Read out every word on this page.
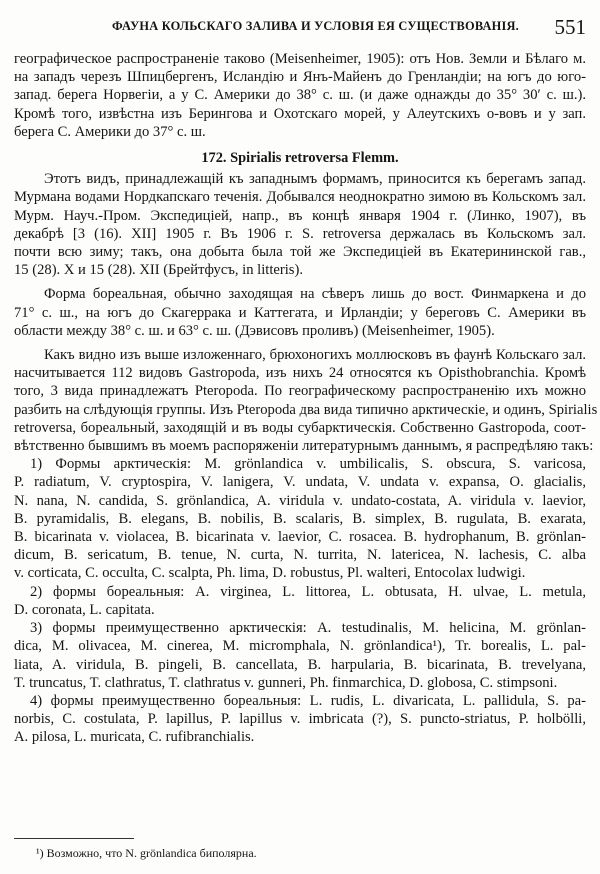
ФАУНА КОЛЬСКАГО ЗАЛИВА И УСЛОВІЯ ЕЯ СУЩЕСТВОВАНІЯ. 551
географическое распространеніе таково (Meisenheimer, 1905): отъ Нов. Земли и Бѣлаго м.
на западъ черезъ Шпицбергенъ, Исландію и Янъ-Майенъ до Гренландіи; на югъ до юго-
запад. берега Норвегіи, а у С. Америки до 38° с. ш. (и даже однажды до 35° 30ʹ с. ш.).
Кромѣ того, извѣстна изъ Берингова и Охотскаго морей, у Алеутскихъ о-вовъ и у зап.
берега С. Америки до 37° с. ш.
172. Spirialis retroversa Flemm.
Этотъ видъ, принадлежащій къ западнымъ формамъ, приносится къ берегамъ запад.
Мурмана водами Нордкапскаго теченія. Добывался неоднократно зимою въ Кольскомъ зал.
Мурм. Науч.-Пром. Экспедиціей, напр., въ концѣ января 1904 г. (Линко, 1907), въ
декабрѣ [3 (16). XII] 1905 г. Въ 1906 г. S. retroversa держалась въ Кольскомъ зал.
почти всю зиму; такъ, она добыта была той же Экспедиціей въ Екатерининской гав.,
15 (28). X и 15 (28). XII (Брейтфусъ, in litteris).
Форма бореальная, обычно заходящая на сѣверъ лишь до вост. Финмаркена и до
71° с. ш., на югъ до Скагеррака и Каттегата, и Ирландіи; у береговъ С. Америки въ
области между 38° с. ш. и 63° с. ш. (Дэвисовъ проливъ) (Meisenheimer, 1905).
Какъ видно изъ выше изложеннаго, брюхоногихъ моллюсковъ въ фаунѣ Кольскаго зал.
насчитывается 112 видовъ Gastropoda, изъ нихъ 24 относятся къ Opisthobranchia. Кромѣ
того, 3 вида принадлежатъ Pteropoda. По географическому распространенію ихъ можно
разбить на слѣдующія группы. Изъ Pteropoda два вида типично арктическіе, и одинъ, Spirialis
retroversa, бореальный, заходящій и въ воды субарктическія. Собственно Gastropoda, соот-
вѣтственно бывшимъ въ моемъ распоряженіи литературнымъ даннымъ, я распредѣляю такъ:
1) Формы арктическія: M. grönlandica v. umbilicalis, S. obscura, S. varicosa,
P. radiatum, V. cryptospira, V. lanigera, V. undata, V. undata v. expansa, O. glacialis,
N. nana, N. candida, S. grönlandica, A. viridula v. undato-costata, A. viridula v. laevior,
B. pyramidalis, B. elegans, B. nobilis, B. scalaris, B. simplex, B. rugulata, B. exarata,
B. bicarinata v. violacea, B. bicarinata v. laevior, C. rosacea. B. hydrophanum, B. grönlan-
dicum, B. sericatum, B. tenue, N. curta, N. turrita, N. latericea, N. lachesis, C. alba
v. corticata, C. occulta, C. scalpta, Ph. lima, D. robustus, Pl. walteri, Entocolax ludwigi.
2) формы бореальныя: A. virginea, L. littorea, L. obtusata, H. ulvae, L. metula,
D. coronata, L. capitata.
3) формы преимущественно арктическія: A. testudinalis, M. helicina, M. grönlan-
dica, M. olivacea, M. cinerea, M. micromphala, N. grönlandica¹), Tr. borealis, L. pal-
liata, A. viridula, B. pingeli, B. cancellata, B. harpularia, B. bicarinata, B. trevelyana,
T. truncatus, T. clathratus, T. clathratus v. gunneri, Ph. finmarchica, D. globosa, C. stimpsoni.
4) формы преимущественно бореальныя: L. rudis, L. divaricata, L. pallidula, S. pa-
norbis, C. costulata, P. lapillus, P. lapillus v. imbricata (?), S. puncto-striatus, P. holbölli,
A. pilosa, L. muricata, C. rufibranchialis.
¹) Возможно, что N. grönlandica биполярна.
